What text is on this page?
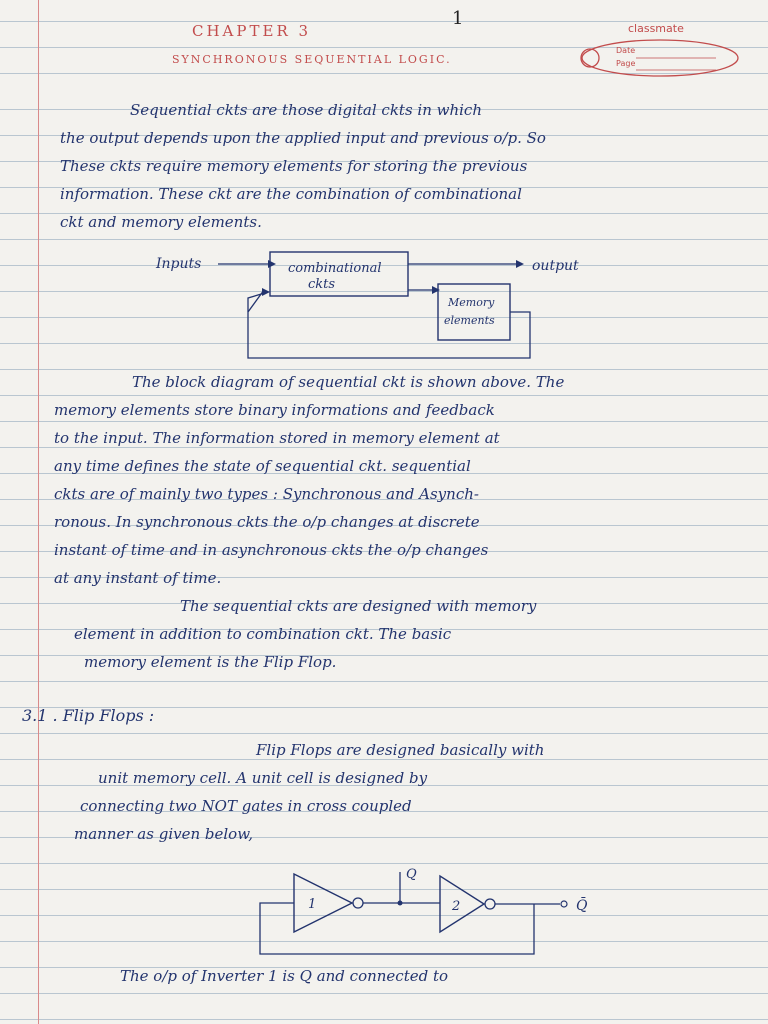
1
CHAPTER 3
SYNCHRONOUS SEQUENTIAL LOGIC.
classmate
Date
Page
Sequential ckts are those digital ckts in which
the output depends upon the applied input and previous o/p. So
These ckts require memory elements for storing the previous
information. These ckt are the combination of combinational
ckt and memory elements.
Inputs	combinational
ckts
output
Memory
elements
The block diagram of sequential ckt is shown above. The
memory elements store binary informations and feedback
to the input. The information stored in memory element at
any time defines the state of sequential ckt. sequential
ckts are of mainly two types : Synchronous and Asynch-
ronous. In synchronous ckts the o/p changes at discrete
instant of time and in asynchronous ckts the o/p changes
at any instant of time.
The sequential ckts are designed with memory
element in addition to combination ckt. The basic
memory element is the Flip Flop.
3.1 . Flip Flops :
Flip Flops are designed basically with
unit memory cell. A unit cell is designed by
connecting two NOT gates in cross coupled
manner as given below,
1
Q
2	Q̄
The o/p of Inverter 1 is Q and connected to
